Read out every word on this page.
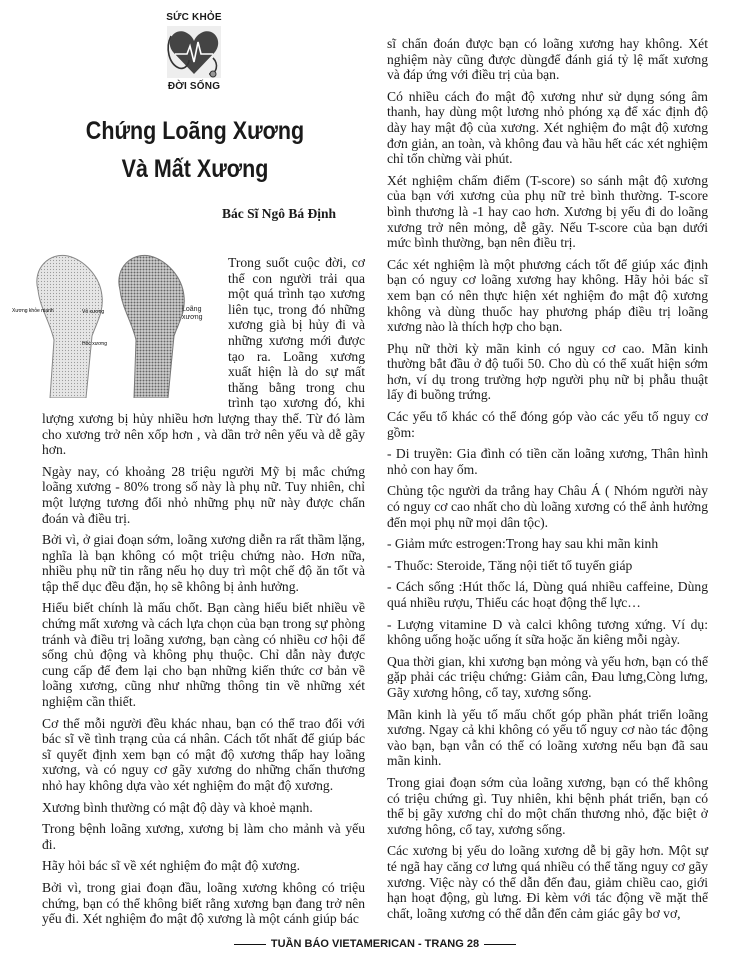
SỨC KHỎE
ĐỜI SỐNG
Chứng Loãng Xương
Và Mất Xương
Bác Sĩ Ngô Bá Định
Xương khỏe mạnh	Vỏ xương
Hốc xương
Loãng xương

Trong suốt cuộc đời, cơ thể con người trải qua một quá trình tạo xương liên tục, trong đó những xương già bị hủy đi và những xương mới được tạo ra. Loãng xương xuất hiện là do sự mất thăng bằng trong chu trình tạo xương đó, khi lượng xương bị hủy nhiều hơn lượng thay thế. Từ đó làm cho xương trở nên xốp hơn , và dần trở nên yếu và dễ gãy hơn.

Ngày nay, có khoảng 28 triệu người Mỹ bị mắc chứng loãng xương - 80% trong số này là phụ nữ. Tuy nhiên, chỉ một lượng tương đối nhỏ những phụ nữ này được chẩn đoán và điều trị.

Bởi vì, ở giai đoạn sớm, loãng xương diễn ra rất thầm lặng, nghĩa là bạn không có một triệu chứng nào. Hơn nữa, nhiều phụ nữ tin rằng nếu họ duy trì một chế độ ăn tốt và tập thể dục đều đặn, họ sẽ không bị ảnh hưởng.

Hiểu biết chính là mấu chốt. Bạn càng hiểu biết nhiều về chứng mất xương và cách lựa chọn của bạn trong sự phòng tránh và điều trị loãng xương, bạn càng có nhiều cơ hội để sống chủ động và không phụ thuộc. Chỉ dẫn này được cung cấp để đem lại cho bạn những kiến thức cơ bản về loãng xương, cũng như những thông tin về những xét nghiệm cần thiết.

Cơ thể mỗi người đều khác nhau, bạn có thể trao đổi với bác sĩ về tình trạng của cá nhân. Cách tốt nhất để giúp bác sĩ quyết định xem bạn có mật độ xương thấp hay loãng xương, và có nguy cơ gãy xương do những chấn thương nhỏ hay không dựa vào xét nghiệm đo mật độ xương.

Xương bình thường có mật độ dày và khoẻ mạnh.

Trong bệnh loãng xương, xương bị làm cho mảnh và yếu đi.

Hãy hỏi bác sĩ về xét nghiệm đo mật độ xương.

Bởi vì, trong giai đoạn đầu, loãng xương không có triệu chứng, bạn có thể không biết rằng xương bạn đang trở nên yếu đi. Xét nghiệm đo mật độ xương là một cánh giúp bác

sĩ chẩn đoán được bạn có loãng xương hay không. Xét nghiệm này cũng được dùngđể đánh giá tỷ lệ mất xương và đáp ứng với điều trị của bạn.

Có nhiều cách đo mật độ xương như sử dụng sóng âm thanh, hay dùng một lương nhỏ phóng xạ để xác định độ dày hay mật độ của xương. Xét nghiệm đo mật độ xương đơn giản, an toàn, và không đau và hầu hết các xét nghiệm chỉ tốn chừng vài phút.

Xét nghiệm chấm điểm (T-score) so sánh mật độ xương của bạn với xương của phụ nữ trẻ bình thường. T-score bình thương là -1 hay cao hơn. Xương bị yếu đi do loãng xương trở nên mỏng, dễ gãy. Nếu T-score của bạn dưới mức bình thường, bạn nên điều trị.

Các xét nghiệm là một phương cách tốt để giúp xác định bạn có nguy cơ loãng xương hay không. Hãy hỏi bác sĩ xem bạn có nên thực hiện xét nghiệm đo mật độ xương không và dùng thuốc hay phương pháp điều trị loãng xương nào là thích hợp cho bạn.

Phụ nữ thời kỳ mãn kinh có nguy cơ cao. Mãn kinh thường bắt đầu ở độ tuổi 50. Cho dù có thể xuất hiện sớm hơn, ví dụ trong trường hợp người phụ nữ bị phẫu thuật lấy đi buồng trứng.

Các yếu tố khác có thể đóng góp vào các yếu tố nguy cơ gồm:

- Di truyền: Gia đình có tiền căn loãng xương, Thân hình nhỏ con hay ốm.

Chủng tộc người da trắng hay Châu Á ( Nhóm người này có nguy cơ cao nhất cho dù loãng xương có thể ảnh hưởng đến mọi phụ nữ mọi dân tộc).

- Giảm mức estrogen:Trong hay sau khi mãn kinh

- Thuốc: Steroide, Tăng nội tiết tố tuyến giáp

- Cách sống :Hút thốc lá, Dùng quá nhiều caffeine, Dùng quá nhiều rượu, Thiếu các hoạt động thể lực…

- Lượng vitamine D và calci không tương xứng. Ví dụ: không uống hoặc uống ít sữa hoặc ăn kiêng mỗi ngày.

Qua thời gian, khi xương bạn mỏng và yếu hơn, bạn có thể gặp phải các triệu chứng: Giảm cân, Đau lưng,Còng lưng, Gãy xương hông, cổ tay, xương sống.

Mãn kinh là yếu tố mấu chốt góp phần phát triển loãng xương. Ngay cả khi không có yếu tố nguy cơ nào tác động vào bạn, bạn vẫn có thể có loãng xương nếu bạn đã sau mãn kinh.

Trong giai đoạn sớm của loãng xương, bạn có thể không có triệu chứng gì. Tuy nhiên, khi bệnh phát triển, bạn có thể bị gãy xương chỉ do một chấn thương nhỏ, đặc biệt ở xương hông, cổ tay, xương sống.

Các xương bị yếu do loãng xương dễ bị gãy hơn. Một sự té ngã hay căng cơ lưng quá nhiều có thể tăng nguy cơ gãy xương. Việc này có thể dẫn đến đau, giảm chiều cao, giới hạn hoạt động, gù lưng. Đi kèm với tác động về mặt thể chất, loãng xương có thể dẫn đến cảm giác gây bơ vơ,

TUẦN BÁO VIETAMERICAN - TRANG 28
